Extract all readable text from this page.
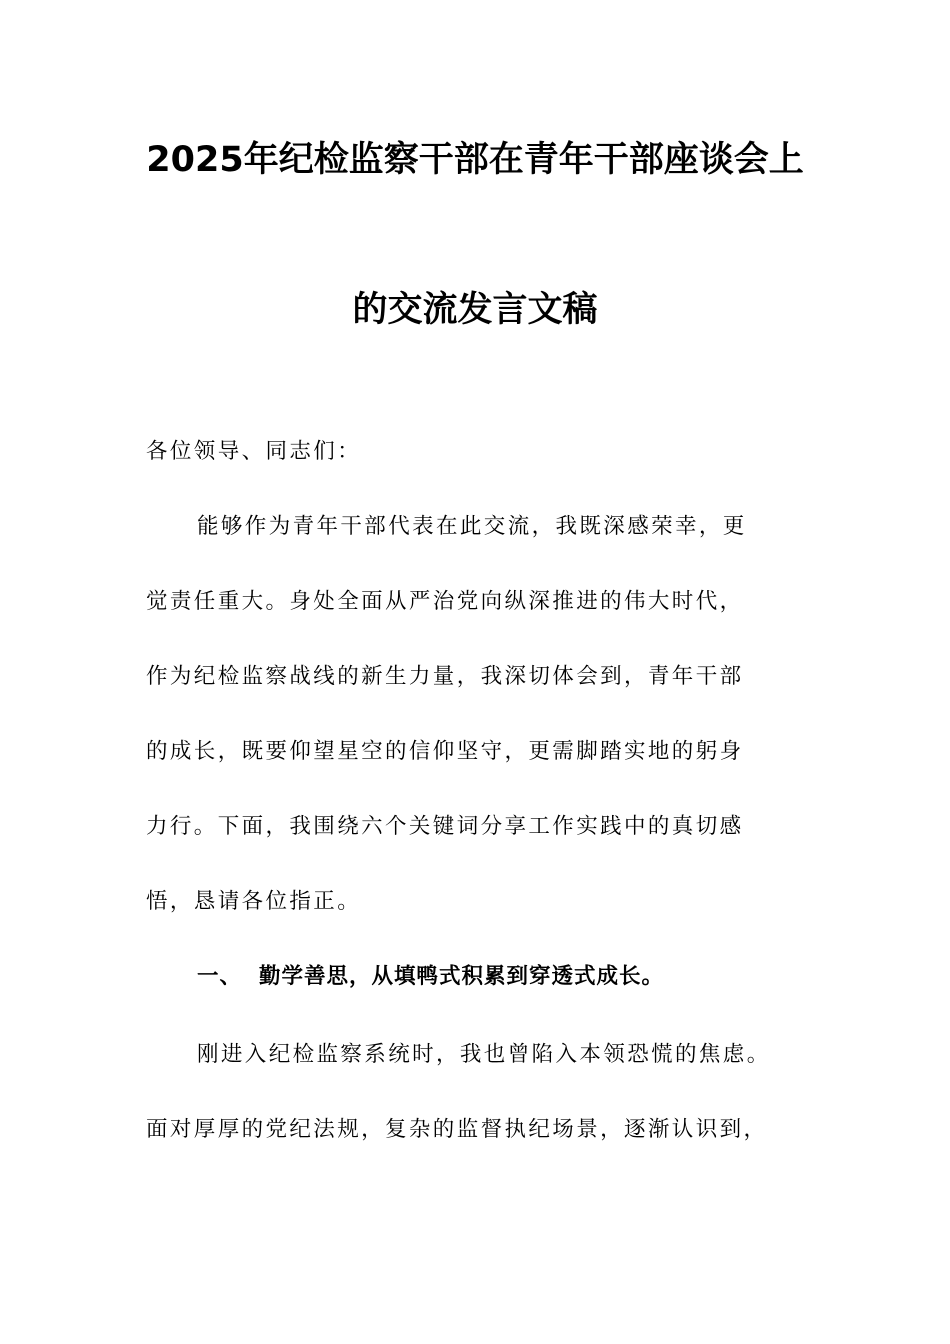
2025年纪检监察干部在青年干部座谈会上
的交流发言文稿
各位领导、同志们：
能够作为青年干部代表在此交流，我既深感荣幸，更
觉责任重大。身处全面从严治党向纵深推进的伟大时代，
作为纪检监察战线的新生力量，我深切体会到，青年干部
的成长，既要仰望星空的信仰坚守，更需脚踏实地的躬身
力行。下面，我围绕六个关键词分享工作实践中的真切感
悟，恳请各位指正。
一、 勤学善思，从填鸭式积累到穿透式成长。
刚进入纪检监察系统时，我也曾陷入本领恐慌的焦虑。
面对厚厚的党纪法规，复杂的监督执纪场景，逐渐认识到，
